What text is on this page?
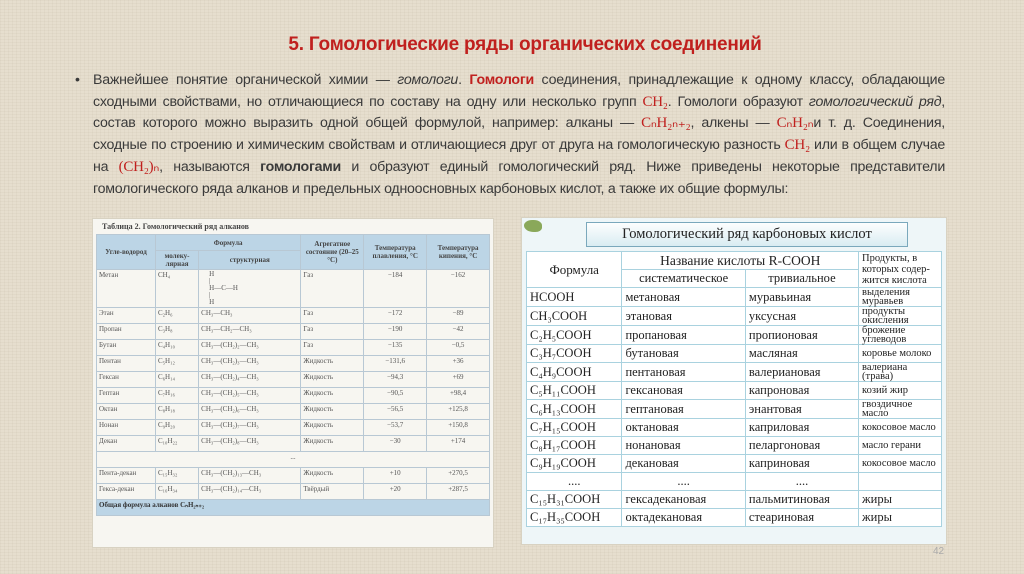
5. Гомологические ряды органических соединений
• Важнейшее понятие органической химии — гомологи. Гомологи соединения, принадлежащие к одному классу, обладающие сходными свойствами, но отличающиеся по составу на одну или несколько групп CH₂. Гомологи образуют гомологический ряд, состав которого можно выразить одной общей формулой, например: алканы — CₙH₂ₙ₊₂, алкены — CₙH₂ₙи т. д. Соединения, сходные по строению и химическим свойствам и отличающиеся друг от друга на гомологическую разность CH₂ или в общем случае на (CH₂)ₙ, называются гомологами и образуют единый гомологический ряд. Ниже приведены некоторые представители гомологического ряда алканов и предельных одноосновных карбоновых кислот, а также их общие формулы:
Таблица 2. Гомологический ряд алканов
Угле-водород	Формула		Агрегатное состояние (20–25 °C)	Температура плавления, °C	Температура кипения, °C
	молеку-лярная	структурная			
Метан	CH₄	H
|
H—C—H
|
H	Газ	−184	−162
Этан	C₂H₆	CH₃—CH₃	Газ	−172	−89
Пропан	C₃H₈	CH₃—CH₂—CH₃	Газ	−190	−42
Бутан	C₄H₁₀	CH₃—(CH₂)₂—CH₃	Газ	−135	−0,5
Пентан	C₅H₁₂	CH₃—(CH₂)₃—CH₃	Жидкость	−131,6	+36
Гексан	C₆H₁₄	CH₃—(CH₂)₄—CH₃	Жидкость	−94,3	+69
Гептан	C₇H₁₆	CH₃—(CH₂)₅—CH₃	Жидкость	−90,5	+98,4
Октан	C₈H₁₈	CH₃—(CH₂)₆—CH₃	Жидкость	−56,5	+125,8
Нонан	C₉H₂₀	CH₃—(CH₂)₇—CH₃	Жидкость	−53,7	+150,8
Декан	C₁₀H₂₂	CH₃—(CH₂)₈—CH₃	Жидкость	−30	+174
...					
Пента-декан	C₁₅H₃₂	CH₃—(CH₂)₁₃—CH₃	Жидкость	+10	+270,5
Гекса-декан	C₁₆H₃₄	CH₃—(CH₂)₁₄—CH₃	Твёрдый	+20	+287,5
Общая формула алканов CₙH₂ₙ₊₂					
Гомологический ряд карбоновых кислот
Формула	Название кислоты R-COOH		Продукты, в которых содер-жится кислота
	систематическое	тривиальное	
HCOOH	метановая	муравьиная	выделения муравьев
CH₃COOH	этановая	уксусная	продукты окисления
C₂H₅COOH	пропановая	пропионовая	брожение углеводов
C₃H₇COOH	бутановая	масляная	коровье молоко
C₄H₉COOH	пентановая	валериановая	валериана (трава)
C₅H₁₁COOH	гексановая	капроновая	козий жир
C₆H₁₃COOH	гептановая	энантовая	гвоздичное масло
C₇H₁₅COOH	октановая	каприловая	кокосовое масло
C₈H₁₇COOH	нонановая	пеларгоновая	масло герани
C₉H₁₉COOH	декановая	каприновая	кокосовое масло
....	....	....	
C₁₅H₃₁COOH	гексадекановая	пальмитиновая	жиры
C₁₇H₃₅COOH	октадекановая	стеариновая	жиры
42
